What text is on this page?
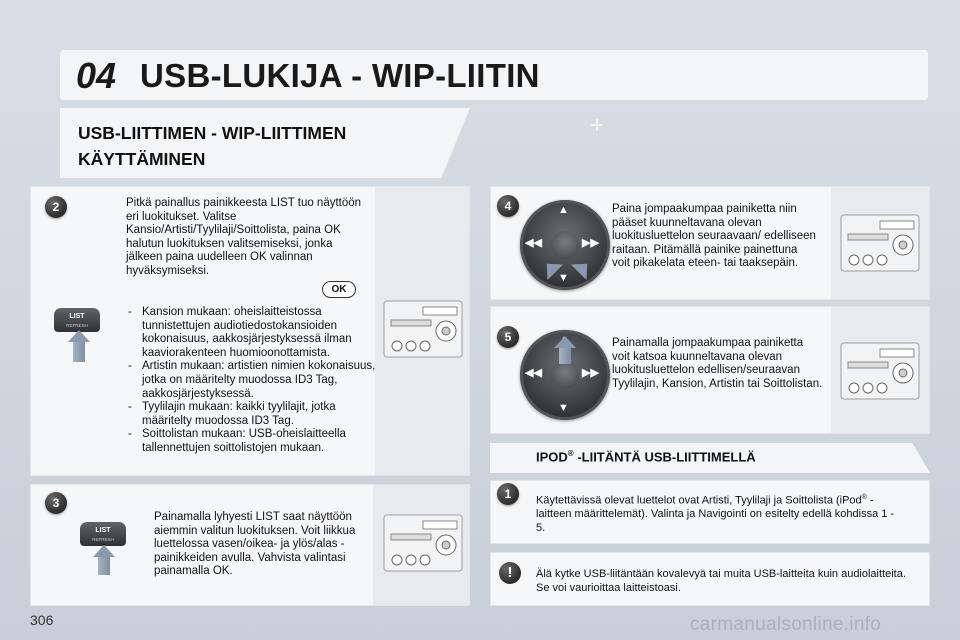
04 USB-LUKIJA - WIP-LIITIN
USB-LIITTIMEN - WIP-LIITTIMEN KÄYTTÄMINEN
+
2	Pitkä painallus painikkeesta LIST tuo näyttöön eri luokitukset. Valitse Kansio/Artisti/Tyylilaji/Soittolista, paina OK halutun luokituksen valitsemiseksi, jonka jälkeen paina uudelleen OK valinnan hyväksymiseksi.
OK
LIST
REFRESH
- Kansion mukaan: oheislaitteistossa tunnistettujen audiotiedostokansioiden kokonaisuus, aakkosjärjestyksessä ilman kaaviorakenteen huomioonottamista.
- Artistin mukaan: artistien nimien kokonaisuus, jotka on määritelty muodossa ID3 Tag, aakkosjärjestyksessä.
- Tyylilajin mukaan: kaikki tyylilajit, jotka määritelty muodossa ID3 Tag.
- Soittolistan mukaan: USB-oheislaitteella tallennettujen soittolistojen mukaan.
3
LIST
REFRESH
Painamalla lyhyesti LIST saat näyttöön aiemmin valitun luokituksen. Voit liikkua luettelossa vasen/oikea- ja ylös/alas -painikkeiden avulla. Vahvista valintasi painamalla OK.
4	▲
▼
◀◀	▶▶
Paina jompaakumpaa painiketta niin pääset kuunneltavana olevan luokitusluettelon seuraavaan/ edelliseen raitaan. Pitämällä painike painettuna voit pikakelata eteen- tai taaksepäin.
5	▲
▼
◀◀	▶▶
Painamalla jompaakumpaa painiketta voit katsoa kuunneltavana olevan luokitusluettelon edellisen/seuraavan Tyylilajin, Kansion, Artistin tai Soittolistan.
IPOD® -LIITÄNTÄ USB-LIITTIMELLÄ
1	Käytettävissä olevat luettelot ovat Artisti, Tyylilaji ja Soittolista (iPod® - laitteen määrittelemät). Valinta ja Navigointi on esitelty edellä kohdissa 1 - 5.
!	Älä kytke USB-liitäntään kovalevyä tai muita USB-laitteita kuin audiolaitteita. Se voi vaurioittaa laitteistoasi.
306	carmanualsonline.info
